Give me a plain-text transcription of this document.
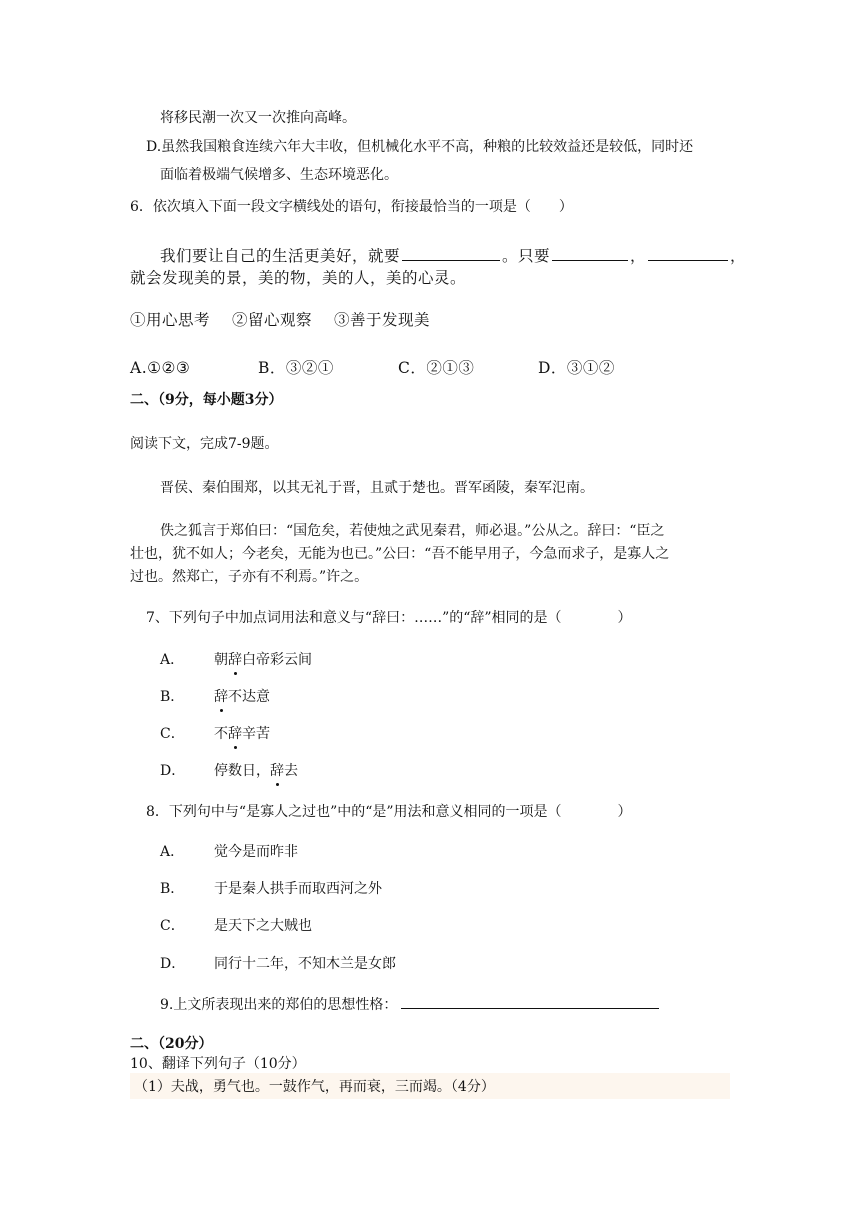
将移民潮一次又一次推向高峰。
D.虽然我国粮食连续六年大丰收，但机械化水平不高，种粮的比较效益还是较低，同时还
面临着极端气候增多、生态环境恶化。
6．依次填入下面一段文字横线处的语句，衔接最恰当的一项是（　　）
我们要让自己的生活更美好，就要	。只要	，	，
就会发现美的景，美的物，美的人，美的心灵。
①用心思考 ②留心观察 ③善于发现美
A.①②③	B．③②①	C．②①③	D．③①②
二、（9分，每小题3分）
阅读下文，完成7-9题。
晋侯、秦伯围郑，以其无礼于晋，且贰于楚也。晋军函陵，秦军氾南。
佚之狐言于郑伯曰：“国危矣，若使烛之武见秦君，师必退。”公从之。辞曰：“臣之
壮也，犹不如人；今老矣，无能为也已。”公曰：“吾不能早用子，今急而求子，是寡人之
过也。然郑亡，子亦有不利焉。”许之。
7、下列句子中加点词用法和意义与“辞曰：……”的“辞”相同的是（　　　　）
A． 朝辞白帝彩云间
B． 辞不达意
C． 不辞辛苦
D． 停数日，辞去
8．下列句中与“是寡人之过也”中的“是”用法和意义相同的一项是（　　　　）
A． 觉今是而昨非
B． 于是秦人拱手而取西河之外
C． 是天下之大贼也
D． 同行十二年，不知木兰是女郎
9.上文所表现出来的郑伯的思想性格：
二、（20分）
10、翻译下列句子（10分）
（1）夫战，勇气也。一鼓作气，再而衰，三而竭。（4分）
